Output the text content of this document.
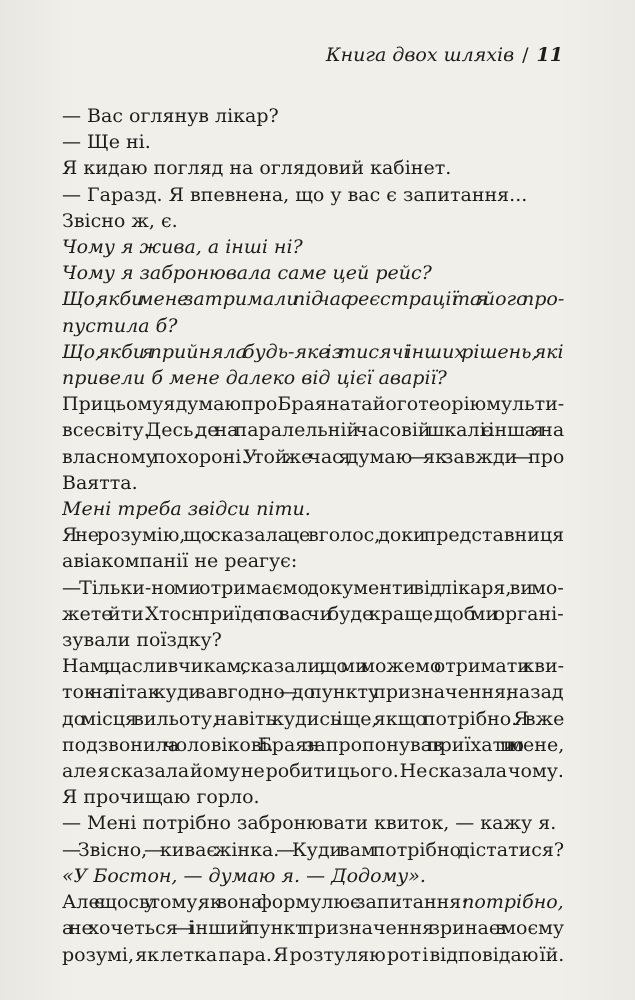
Книга двох шляхів / 11
— Вас оглянув лікар?
— Ще ні.
Я кидаю погляд на оглядовий кабінет.
— Гаразд. Я впевнена, що у вас є запитання...
Звісно ж, є.
Чому я жива, а інші ні?
Чому я забронювала саме цей рейс?
Що, якби мене затримали під час реєстрації та я його про-
пустила б?
Що, якби я прийняла будь-яке із тисячі інших рішень, які
привели б мене далеко від цієї аварії?
При цьому я думаю про Браяна та його теорію мульти-
всесвіту. Десь, де на паралельній часовій шкалі є інша я на
власному похороні. У той же час я думаю — як завжди — про
Ваятта.
Мені треба звідси піти.
Я не розумію, що сказала це вголос, доки представниця
авіакомпанії не реагує:
— Тільки-но ми отримаємо документи від лікаря, ви мо-
жете йти. Хтось приїде по вас чи буде краще, щоб ми органі-
зували поїздку?
Нам, щасливчикам, сказали, що ми можемо отримати кви-
ток на літак куди завгодно — до пункту призначення, назад
до місця вильоту, навіть кудись іще, якщо потрібно. Я вже
подзвонила чоловікові. Браян запропонував приїхати по мене,
але я сказала йому не робити цього. Не сказала чому.
Я прочищаю горло.
— Мені потрібно забронювати квиток, — кажу я.
— Звісно, — киває жінка. — Куди вам потрібно дістатися?
«У Бостон, — думаю я. — Додому».
Але є щось у тому, як вона формулює запитання: потрібно,
а не хочеться — і інший пункт призначення зринає в моєму
розумі, як летка пара. Я розтуляю рот і відповідаю їй.
